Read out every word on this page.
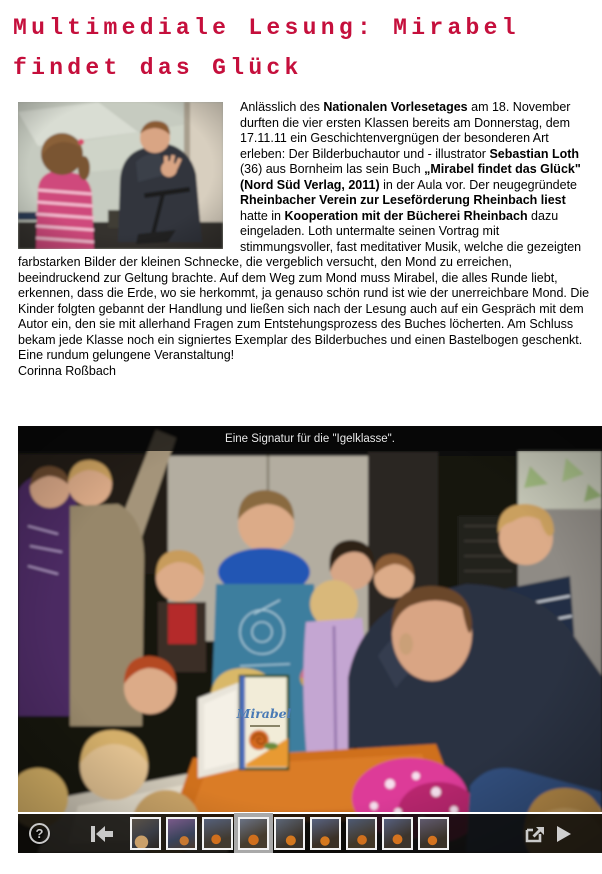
Multimediale Lesung: Mirabel findet das Glück

Anlässlich des Nationalen Vorlesetages am 18. November durften die vier ersten Klassen bereits am Donnerstag, dem 17.11.11 ein Geschichtenvergnügen der besonderen Art erleben: Der Bilderbuchautor und - illustrator Sebastian Loth (36) aus Bornheim las sein Buch „Mirabel findet das Glück" (Nord Süd Verlag, 2011) in der Aula vor. Der neugegründete Rheinbacher Verein zur Leseförderung Rheinbach liest hatte in Kooperation mit der Bücherei Rheinbach dazu eingeladen. Loth untermalte seinen Vortrag mit stimmungsvoller, fast meditativer Musik, welche die gezeigten farbstarken Bilder der kleinen Schnecke, die vergeblich versucht, den Mond zu erreichen, beeindruckend zur Geltung brachte. Auf dem Weg zum Mond muss Mirabel, die alles Runde liebt, erkennen, dass die Erde, wo sie herkommt, ja genauso schön rund ist wie der unerreichbare Mond. Die Kinder folgten gebannt der Handlung und ließen sich nach der Lesung auch auf ein Gespräch mit dem Autor ein, den sie mit allerhand Fragen zum Entstehungsprozess des Buches löcherten. Am Schluss bekam jede Klasse noch ein signiertes Exemplar des Bilderbuches und einen Bastelbogen geschenkt. Eine rundum gelungene Veranstaltung!

Corinna Roßbach
Eine Signatur für die "Igelklasse".
?
